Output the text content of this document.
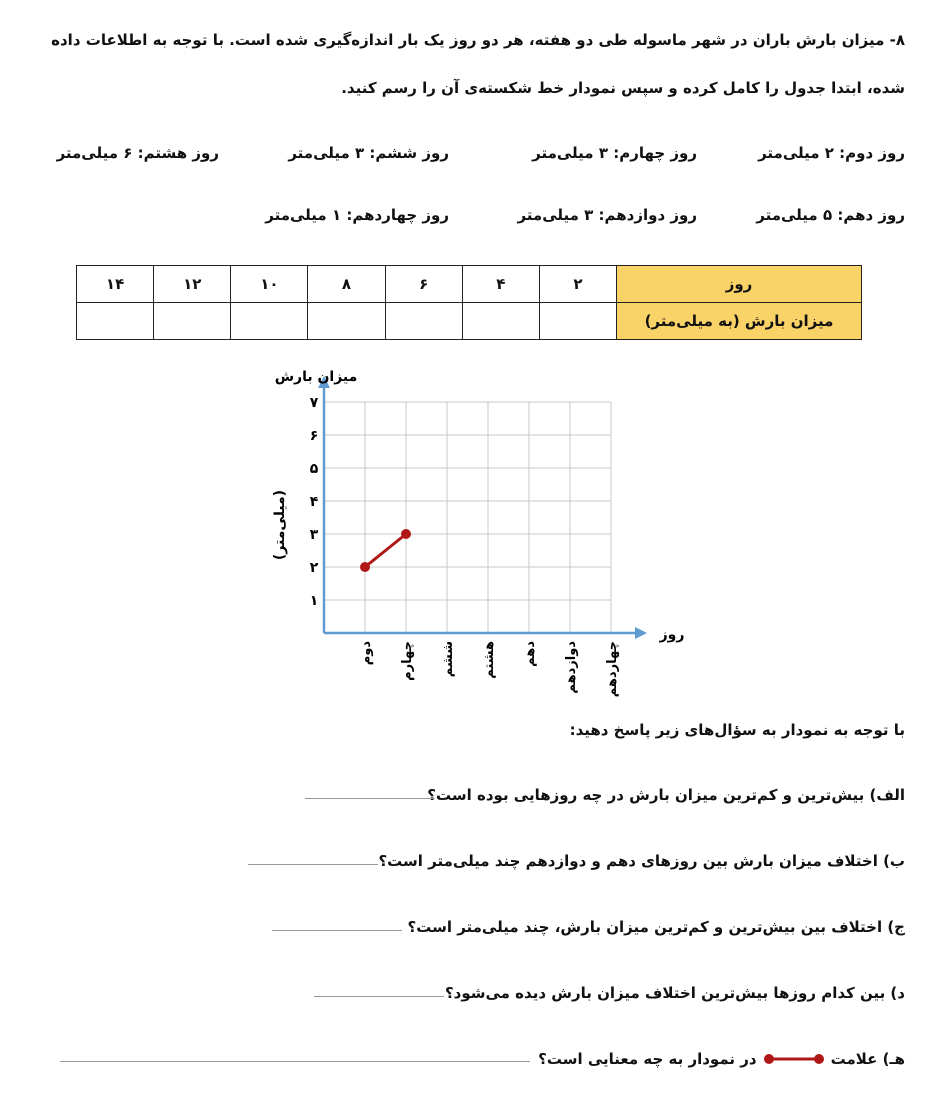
۸- میزان بارش باران در شهر ماسوله طی دو هفته، هر دو روز یک بار اندازه‌گیری شده است. با توجه به اطلاعات داده
شده، ابتدا جدول را کامل کرده و سپس نمودار خط شکسته‌ی آن را رسم کنید.
روز دوم: ۲ میلی‌متر
روز چهارم: ۳ میلی‌متر
روز ششم: ۳ میلی‌متر
روز هشتم: ۶ میلی‌متر
روز دهم: ۵ میلی‌متر
روز دوازدهم: ۳ میلی‌متر
روز چهاردهم: ۱ میلی‌متر
روز	۲	۴	۶	۸	۱۰	۱۲	۱۴
میزان بارش (به میلی‌متر)							
۱
۲
۳
۴
۵
۶
۷
دوم چهارم ششم هشتم دهم دوازدهم چهاردهم
میزان بارش
(میلی‌متر)
روز
با توجه به نمودار به سؤال‌های زیر پاسخ دهید:
الف) بیش‌ترین و کم‌ترین میزان بارش در چه روزهایی بوده است؟
ب) اختلاف میزان بارش بین روزهای دهم و دوازدهم چند میلی‌متر است؟
ج) اختلاف بین بیش‌ترین و کم‌ترین میزان بارش، چند میلی‌متر است؟
د) بین کدام روزها بیش‌ترین اختلاف میزان بارش دیده می‌شود؟
هـ) علامت
در نمودار به چه معنایی است؟
